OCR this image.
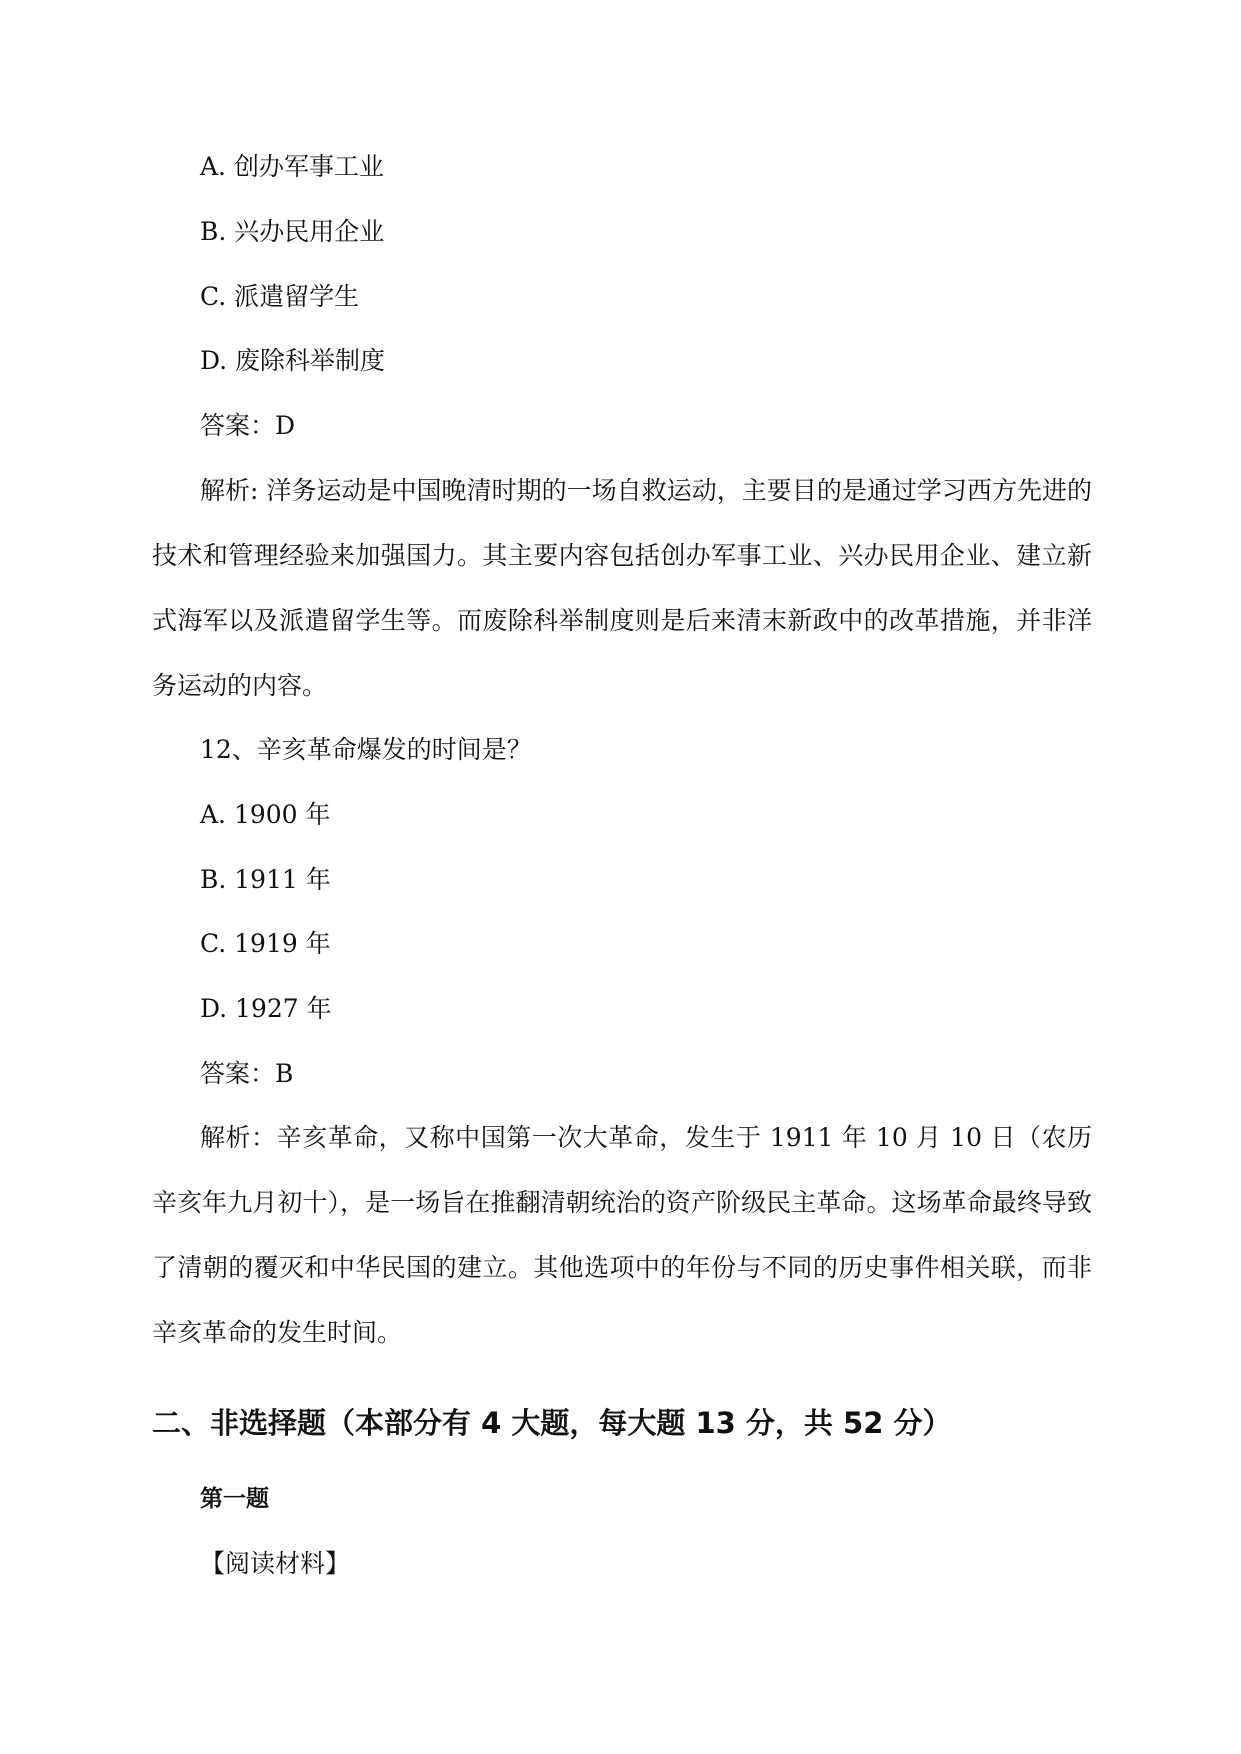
A. 创办军事工业
B. 兴办民用企业
C. 派遣留学生
D. 废除科举制度
答案：D
解析: 洋务运动是中国晚清时期的一场自救运动，主要目的是通过学习西方先进的技术和管理经验来加强国力。其主要内容包括创办军事工业、兴办民用企业、建立新式海军以及派遣留学生等。而废除科举制度则是后来清末新政中的改革措施，并非洋务运动的内容。
12、辛亥革命爆发的时间是？
A. 1900 年
B. 1911 年
C. 1919 年
D. 1927 年
答案：B
解析：辛亥革命，又称中国第一次大革命，发生于 1911 年 10 月 10 日（农历辛亥年九月初十），是一场旨在推翻清朝统治的资产阶级民主革命。这场革命最终导致了清朝的覆灭和中华民国的建立。其他选项中的年份与不同的历史事件相关联，而非辛亥革命的发生时间。
二、非选择题（本部分有 4 大题，每大题 13 分，共 52 分）
第一题
【阅读材料】
